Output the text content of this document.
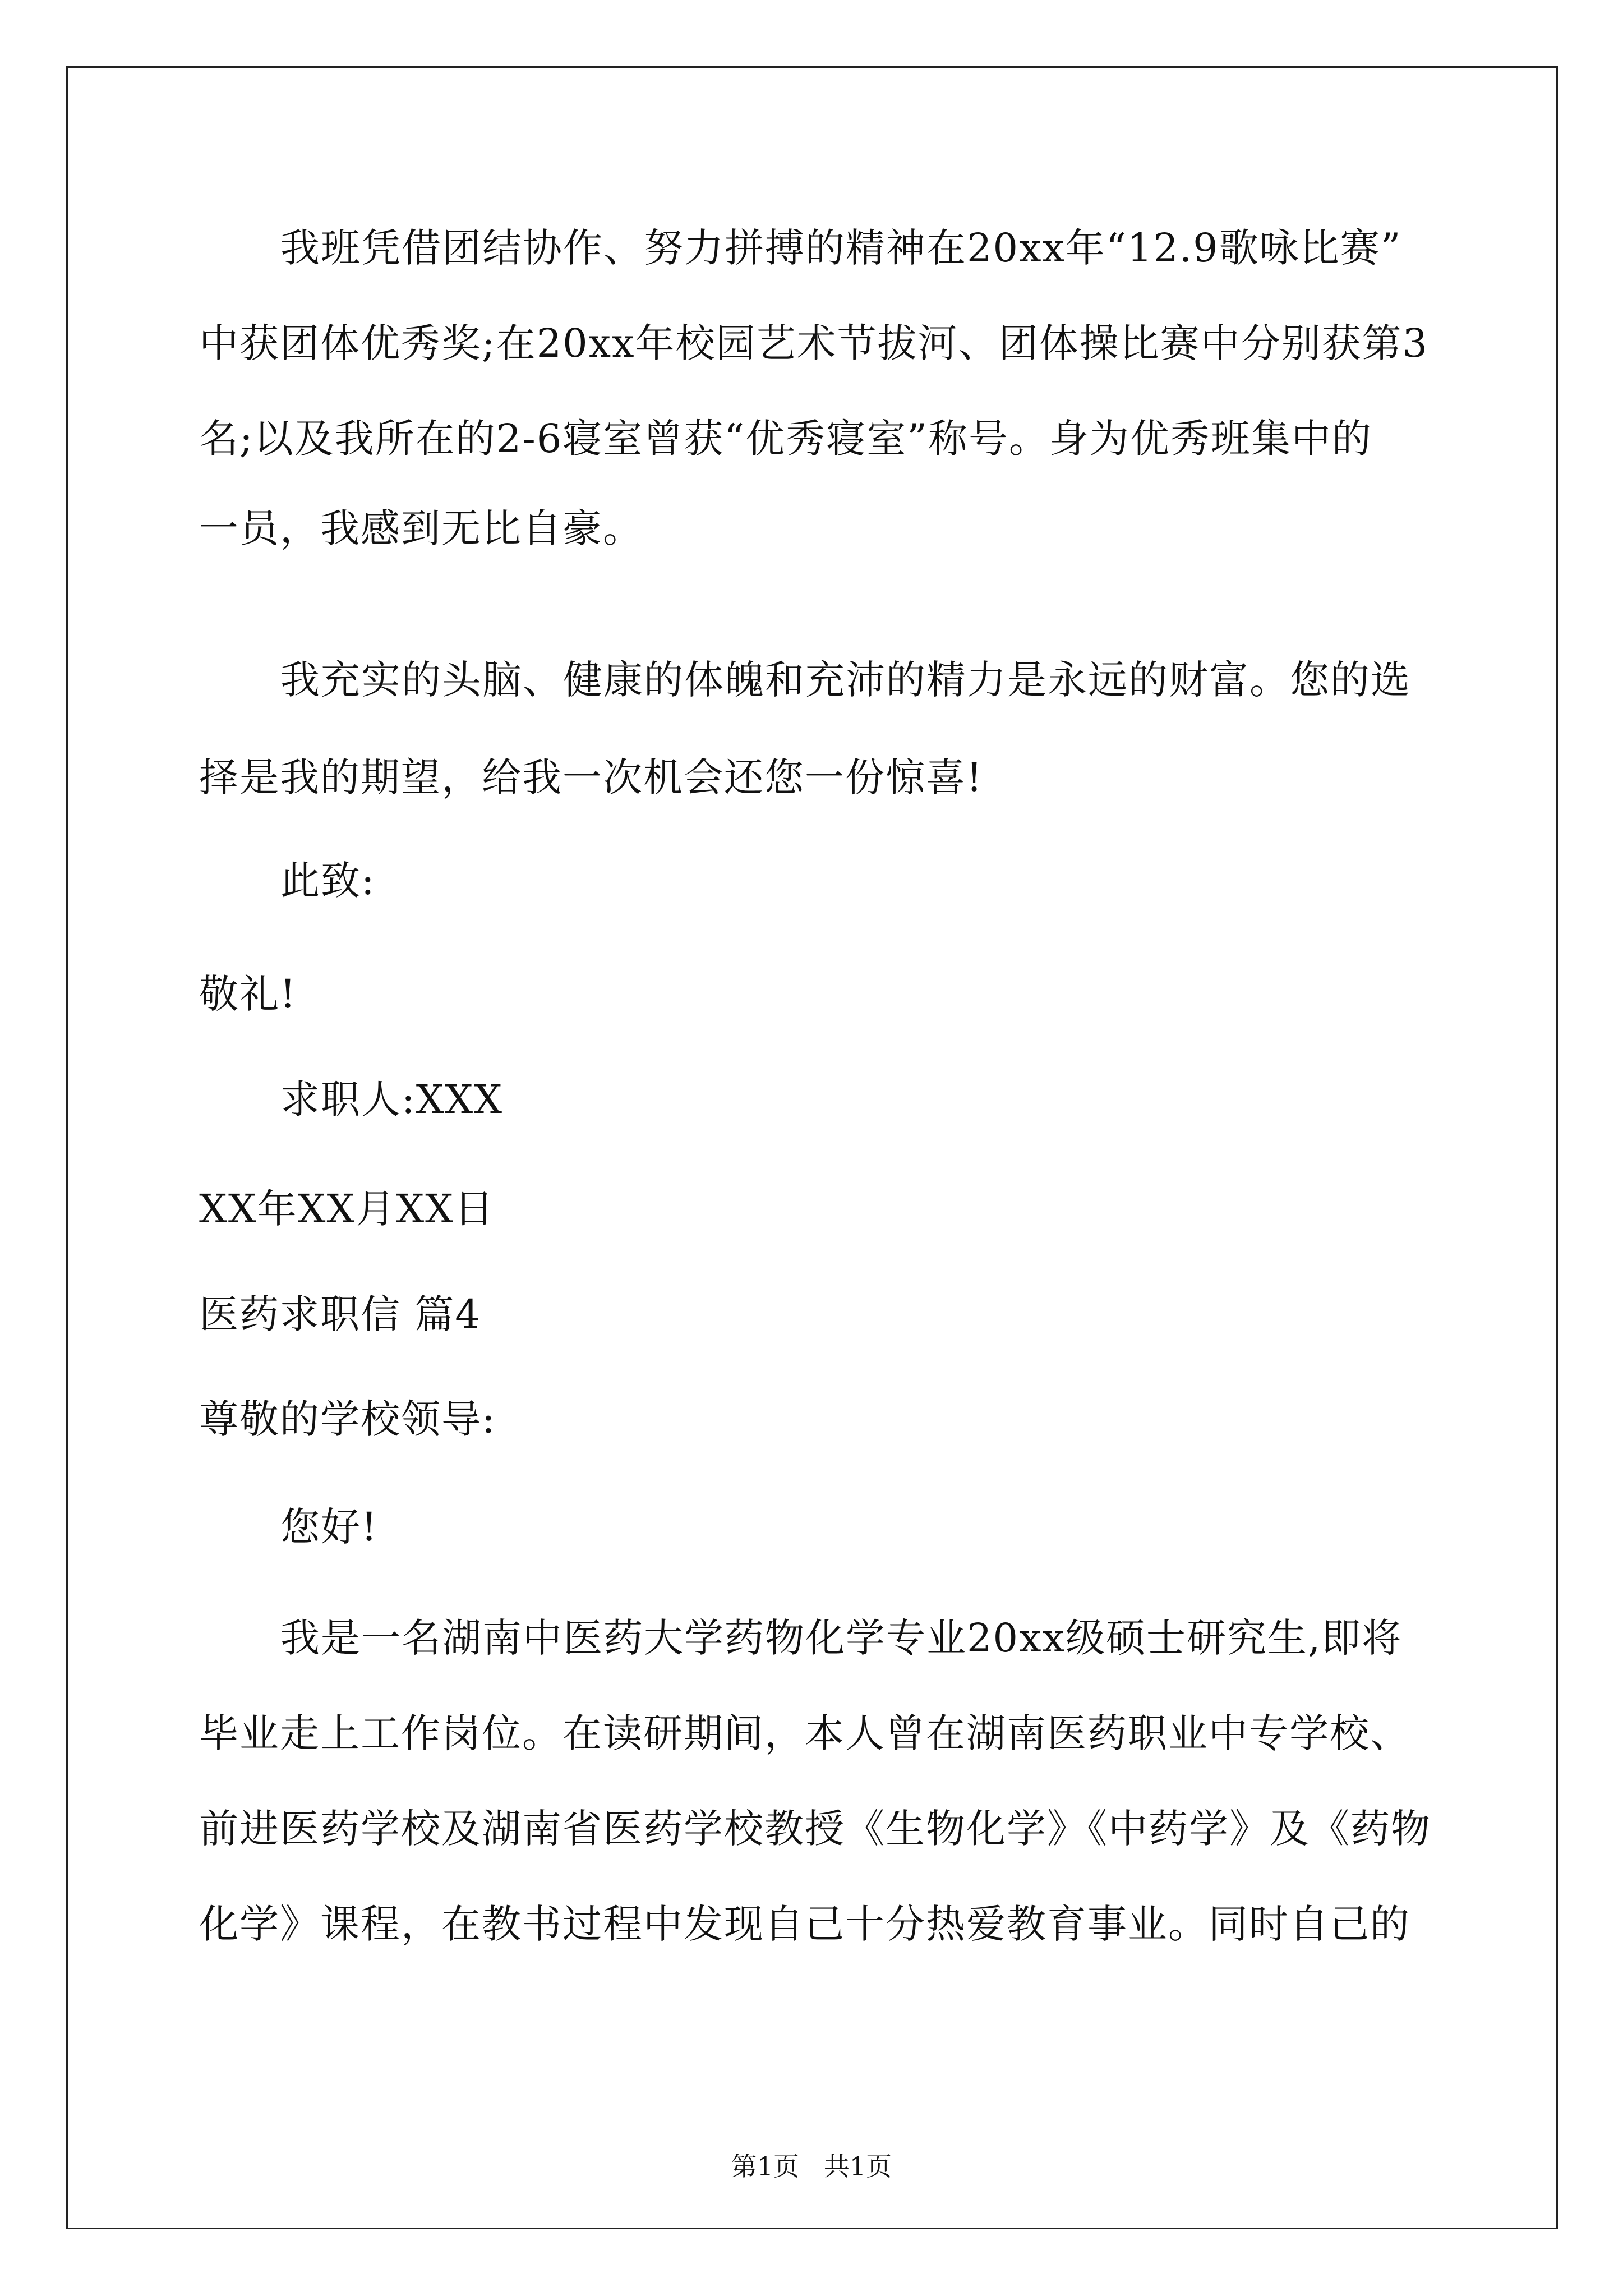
我班凭借团结协作、努力拼搏的精神在20xx年“12.9歌咏比赛”
中获团体优秀奖;在20xx年校园艺术节拔河、团体操比赛中分别获第3
名;以及我所在的2-6寝室曾获“优秀寝室”称号。身为优秀班集中的
一员，我感到无比自豪。
我充实的头脑、健康的体魄和充沛的精力是永远的财富。您的选
择是我的期望，给我一次机会还您一份惊喜!
此致:
敬礼!
求职人:XXX
XX年XX月XX日
医药求职信 篇4
尊敬的学校领导:
您好!
我是一名湖南中医药大学药物化学专业20xx级硕士研究生,即将
毕业走上工作岗位。在读研期间，本人曾在湖南医药职业中专学校、
前进医药学校及湖南省医药学校教授《生物化学》《中药学》及《药物
化学》课程，在教书过程中发现自己十分热爱教育事业。同时自己的
第1页   共1页
